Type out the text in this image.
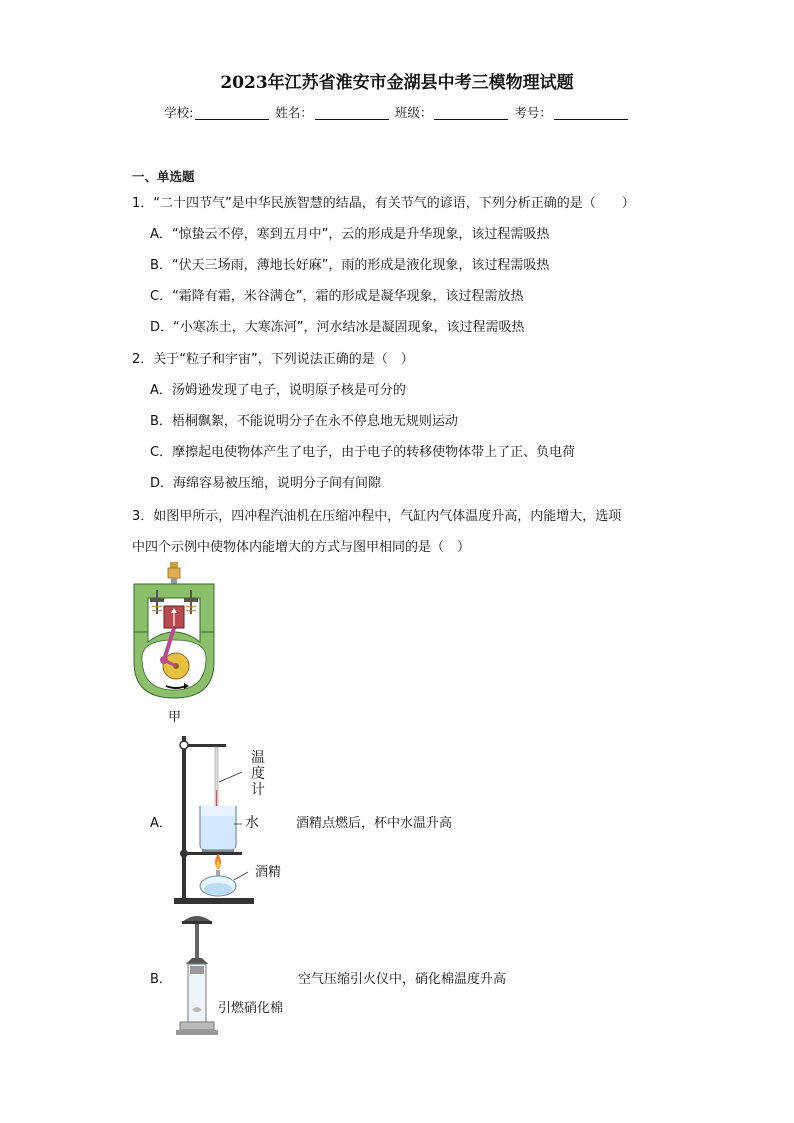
2023年江苏省淮安市金湖县中考三模物理试题
学校:	姓名：	班级：	考号：
一、单选题
1．“二十四节气”是中华民族智慧的结晶，有关节气的谚语，下列分析正确的是（　　）
A．“惊蛰云不停，寒到五月中”，云的形成是升华现象，该过程需吸热
B．“伏天三场雨，薄地长好麻”，雨的形成是液化现象，该过程需吸热
C．“霜降有霜，米谷满仓”，霜的形成是凝华现象，该过程需放热
D．“小寒冻土，大寒冻河”，河水结冰是凝固现象，该过程需吸热
2．关于“粒子和宇宙”，下列说法正确的是（　）
A．汤姆逊发现了电子，说明原子核是可分的
B．梧桐飘絮，不能说明分子在永不停息地无规则运动
C．摩擦起电使物体产生了电子，由于电子的转移使物体带上了正、负电荷
D．海绵容易被压缩，说明分子间有间隙
3．如图甲所示，四冲程汽油机在压缩冲程中，气缸内气体温度升高，内能增大，选项
中四个示例中使物体内能增大的方式与图甲相同的是（　）
甲
A．
温
度
计
水
酒精
酒精点燃后，杯中水温升高
B．
引燃硝化棉
空气压缩引火仪中，硝化棉温度升高
